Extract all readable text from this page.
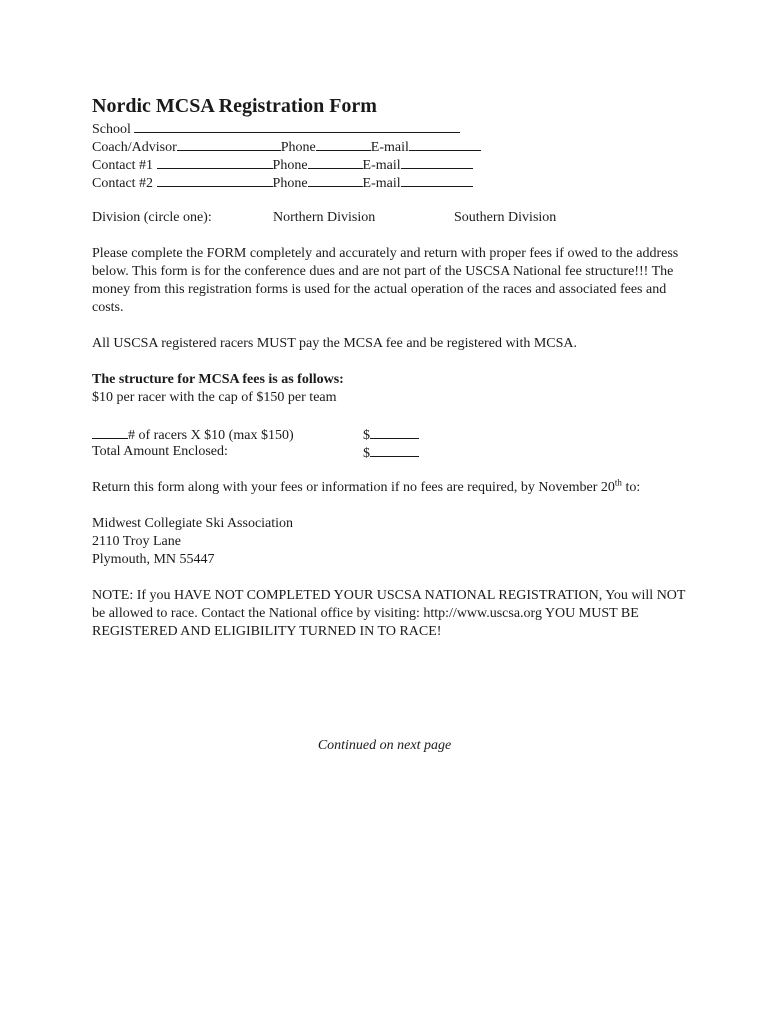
Nordic MCSA Registration Form
School
Coach/Advisor	Phone	E-mail
Contact #1	Phone	E-mail
Contact #2	Phone	E-mail
Division (circle one):	Northern Division	Southern Division

Please complete the FORM completely and accurately and return with proper fees if owed to the address below. This form is for the conference dues and are not part of the USCSA National fee structure!!! The money from this registration forms is used for the actual operation of the races and associated fees and costs.

All USCSA registered racers MUST pay the MCSA fee and be registered with MCSA.

The structure for MCSA fees is as follows:
$10 per racer with the cap of $150 per team
# of racers X $10 (max $150)	$
Total Amount Enclosed:	$

Return this form along with your fees or information if no fees are required, by November 20th to:

Midwest Collegiate Ski Association
2110 Troy Lane
Plymouth, MN 55447

NOTE: If you HAVE NOT COMPLETED YOUR USCSA NATIONAL REGISTRATION, You will NOT be allowed to race. Contact the National office by visiting: http://www.uscsa.org YOU MUST BE REGISTERED AND ELIGIBILITY TURNED IN TO RACE!

Continued on next page
